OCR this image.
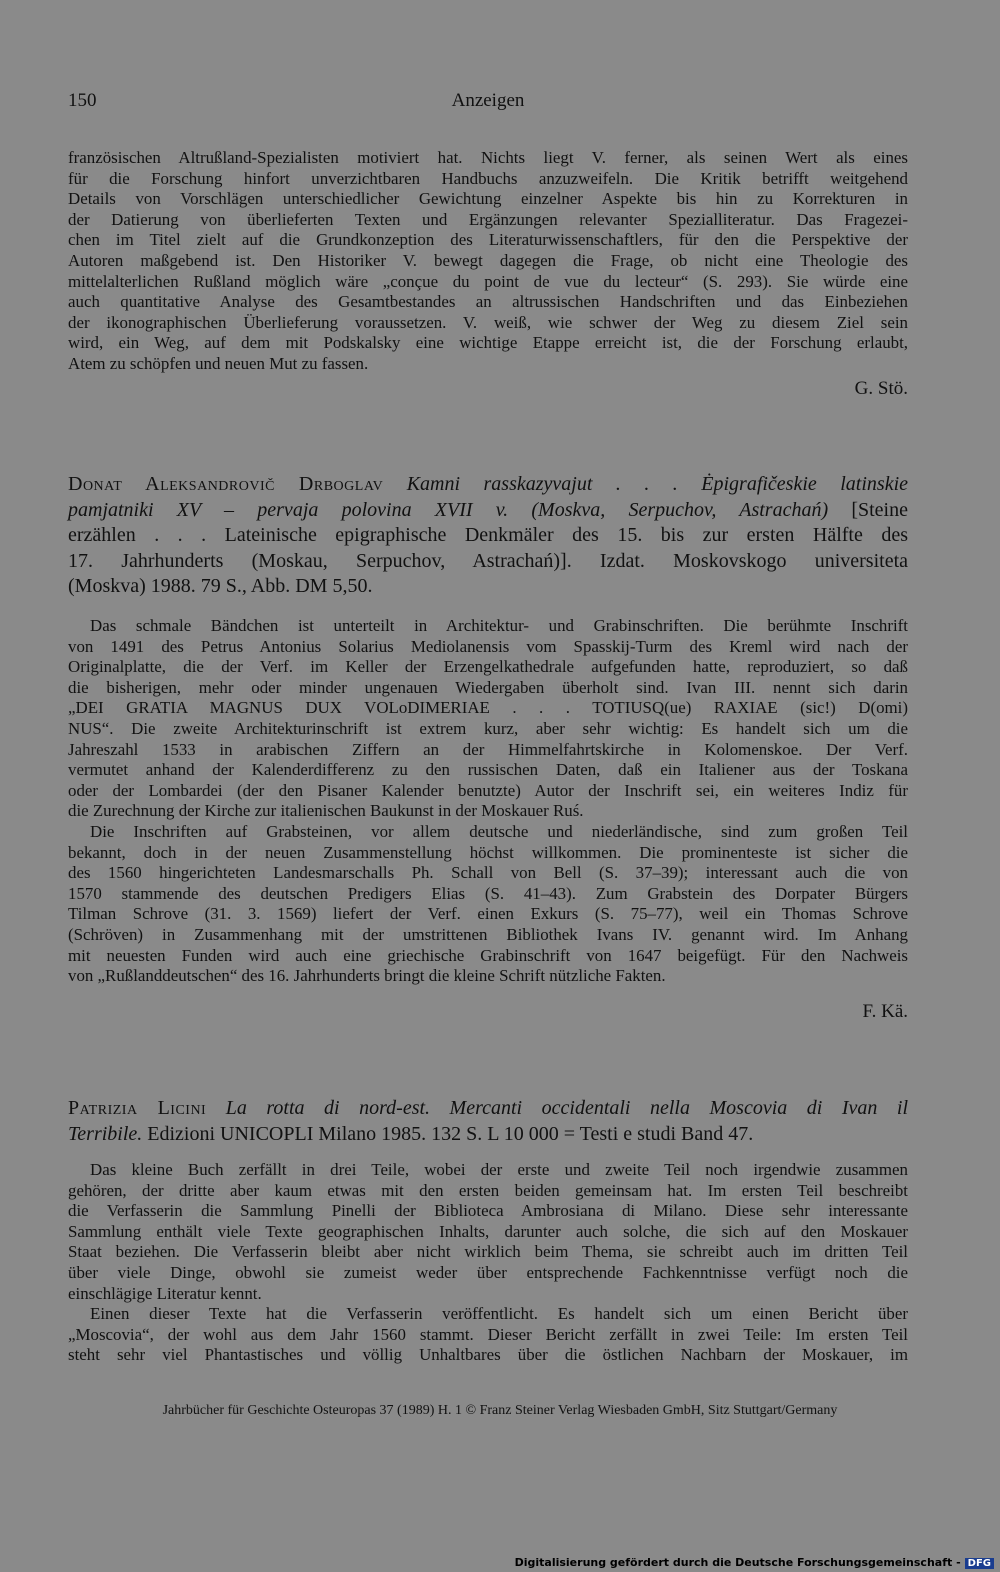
150	Anzeigen
französischen Altrußland-Spezialisten motiviert hat. Nichts liegt V. ferner, als seinen Wert als eines
für die Forschung hinfort unverzichtbaren Handbuchs anzuzweifeln. Die Kritik betrifft weitgehend
Details von Vorschlägen unterschiedlicher Gewichtung einzelner Aspekte bis hin zu Korrekturen in
der Datierung von überlieferten Texten und Ergänzungen relevanter Spezialliteratur. Das Fragezei-
chen im Titel zielt auf die Grundkonzeption des Literaturwissenschaftlers, für den die Perspektive der
Autoren maßgebend ist. Den Historiker V. bewegt dagegen die Frage, ob nicht eine Theologie des
mittelalterlichen Rußland möglich wäre „conçue du point de vue du lecteur“ (S. 293). Sie würde eine
auch quantitative Analyse des Gesamtbestandes an altrussischen Handschriften und das Einbeziehen
der ikonographischen Überlieferung voraussetzen. V. weiß, wie schwer der Weg zu diesem Ziel sein
wird, ein Weg, auf dem mit Podskalsky eine wichtige Etappe erreicht ist, die der Forschung erlaubt,
Atem zu schöpfen und neuen Mut zu fassen.
G. Stö.
Donat Aleksandrovič Drboglav Kamni rasskazyvajut . . . Ėpigrafičeskie latinskie
pamjatniki XV – pervaja polovina XVII v. (Moskva, Serpuchov, Astrachań) [Steine
erzählen . . . Lateinische epigraphische Denkmäler des 15. bis zur ersten Hälfte des
17. Jahrhunderts (Moskau, Serpuchov, Astrachań)]. Izdat. Moskovskogo universiteta
(Moskva) 1988. 79 S., Abb. DM 5,50.
Das schmale Bändchen ist unterteilt in Architektur- und Grabinschriften. Die berühmte Inschrift
von 1491 des Petrus Antonius Solarius Mediolanensis vom Spasskij-Turm des Kreml wird nach der
Originalplatte, die der Verf. im Keller der Erzengelkathedrale aufgefunden hatte, reproduziert, so daß
die bisherigen, mehr oder minder ungenauen Wiedergaben überholt sind. Ivan III. nennt sich darin
„DEI GRATIA MAGNUS DUX VOLoDIMERIAE . . . TOTIUSQ(ue) RAXIAE (sic!) D(omi)
NUS“. Die zweite Architekturinschrift ist extrem kurz, aber sehr wichtig: Es handelt sich um die
Jahreszahl 1533 in arabischen Ziffern an der Himmelfahrtskirche in Kolomenskoe. Der Verf.
vermutet anhand der Kalenderdifferenz zu den russischen Daten, daß ein Italiener aus der Toskana
oder der Lombardei (der den Pisaner Kalender benutzte) Autor der Inschrift sei, ein weiteres Indiz für
die Zurechnung der Kirche zur italienischen Baukunst in der Moskauer Ruś.
Die Inschriften auf Grabsteinen, vor allem deutsche und niederländische, sind zum großen Teil
bekannt, doch in der neuen Zusammenstellung höchst willkommen. Die prominenteste ist sicher die
des 1560 hingerichteten Landesmarschalls Ph. Schall von Bell (S. 37–39); interessant auch die von
1570 stammende des deutschen Predigers Elias (S. 41–43). Zum Grabstein des Dorpater Bürgers
Tilman Schrove (31. 3. 1569) liefert der Verf. einen Exkurs (S. 75–77), weil ein Thomas Schrove
(Schröven) in Zusammenhang mit der umstrittenen Bibliothek Ivans IV. genannt wird. Im Anhang
mit neuesten Funden wird auch eine griechische Grabinschrift von 1647 beigefügt. Für den Nachweis
von „Rußlanddeutschen“ des 16. Jahrhunderts bringt die kleine Schrift nützliche Fakten.
F. Kä.
Patrizia Licini La rotta di nord-est. Mercanti occidentali nella Moscovia di Ivan il
Terribile. Edizioni UNICOPLI Milano 1985. 132 S. L 10 000 = Testi e studi Band 47.
Das kleine Buch zerfällt in drei Teile, wobei der erste und zweite Teil noch irgendwie zusammen
gehören, der dritte aber kaum etwas mit den ersten beiden gemeinsam hat. Im ersten Teil beschreibt
die Verfasserin die Sammlung Pinelli der Biblioteca Ambrosiana di Milano. Diese sehr interessante
Sammlung enthält viele Texte geographischen Inhalts, darunter auch solche, die sich auf den Moskauer
Staat beziehen. Die Verfasserin bleibt aber nicht wirklich beim Thema, sie schreibt auch im dritten Teil
über viele Dinge, obwohl sie zumeist weder über entsprechende Fachkenntnisse verfügt noch die
einschlägige Literatur kennt.
Einen dieser Texte hat die Verfasserin veröffentlicht. Es handelt sich um einen Bericht über
„Moscovia“, der wohl aus dem Jahr 1560 stammt. Dieser Bericht zerfällt in zwei Teile: Im ersten Teil
steht sehr viel Phantastisches und völlig Unhaltbares über die östlichen Nachbarn der Moskauer, im
Jahrbücher für Geschichte Osteuropas 37 (1989) H. 1 © Franz Steiner Verlag Wiesbaden GmbH, Sitz Stuttgart/Germany
Digitalisierung gefördert durch die Deutsche Forschungsgemeinschaft - DFG
